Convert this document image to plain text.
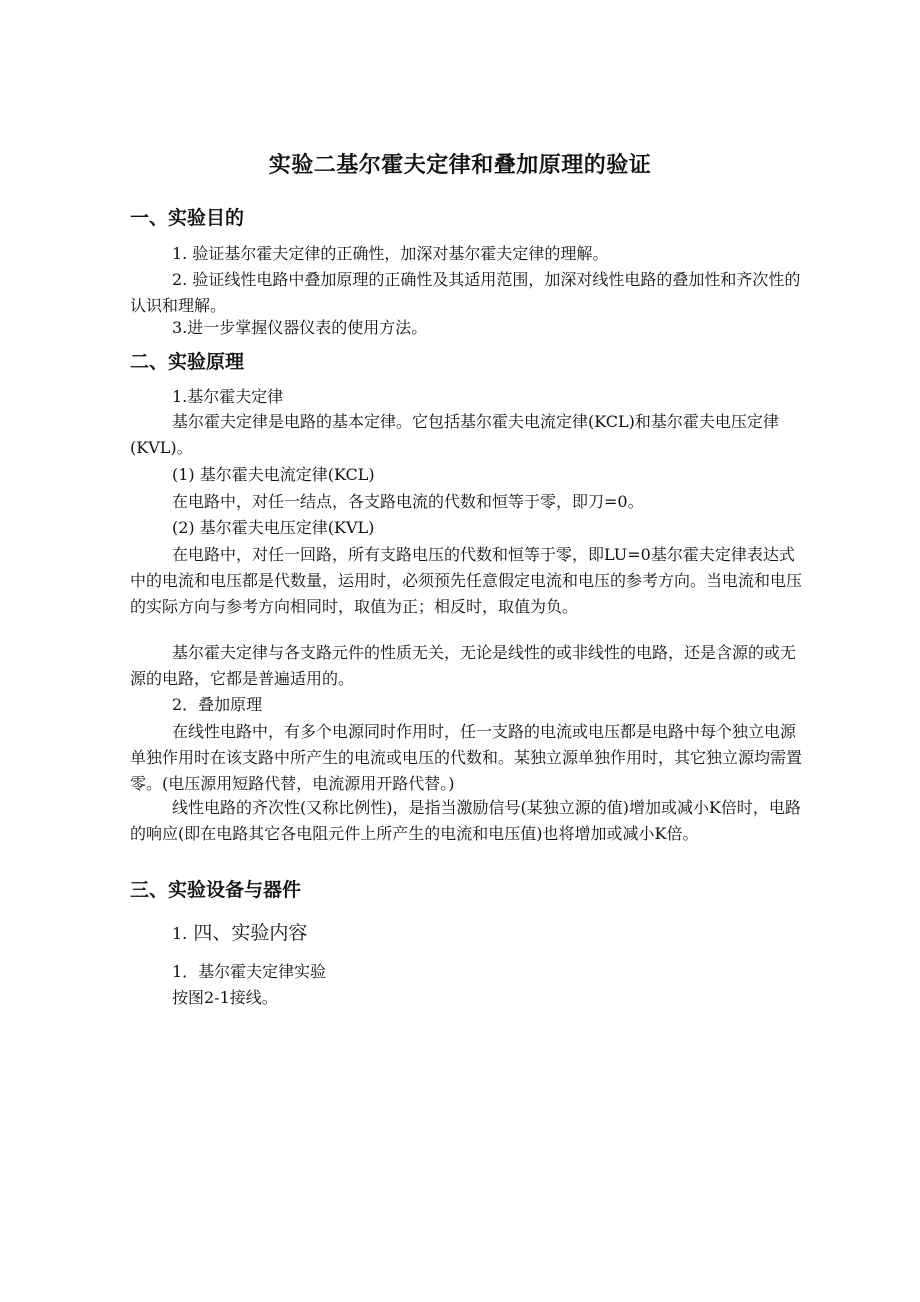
实验二基尔霍夫定律和叠加原理的验证
一、实验目的
1. 验证基尔霍夫定律的正确性，加深对基尔霍夫定律的理解。
2. 验证线性电路中叠加原理的正确性及其适用范围，加深对线性电路的叠加性和齐次性的认识和理解。
3.进一步掌握仪器仪表的使用方法。
二、实验原理
1.基尔霍夫定律
基尔霍夫定律是电路的基本定律。它包括基尔霍夫电流定律(KCL)和基尔霍夫电压定律(KVL)。
(1) 基尔霍夫电流定律(KCL)
在电路中，对任一结点，各支路电流的代数和恒等于零，即刀=0。
(2) 基尔霍夫电压定律(KVL)
在电路中，对任一回路，所有支路电压的代数和恒等于零，即LU=0基尔霍夫定律表达式中的电流和电压都是代数量，运用时，必须预先任意假定电流和电压的参考方向。当电流和电压的实际方向与参考方向相同时，取值为正；相反时，取值为负。
基尔霍夫定律与各支路元件的性质无关，无论是线性的或非线性的电路，还是含源的或无源的电路，它都是普遍适用的。
2．叠加原理
在线性电路中，有多个电源同时作用时，任一支路的电流或电压都是电路中每个独立电源单独作用时在该支路中所产生的电流或电压的代数和。某独立源单独作用时，其它独立源均需置零。(电压源用短路代替，电流源用开路代替。)
线性电路的齐次性(又称比例性)，是指当激励信号(某独立源的值)增加或减小K倍时，电路的响应(即在电路其它各电阻元件上所产生的电流和电压值)也将增加或减小K倍。
三、实验设备与器件
1. 四、实验内容
1．基尔霍夫定律实验
按图2-1接线。
